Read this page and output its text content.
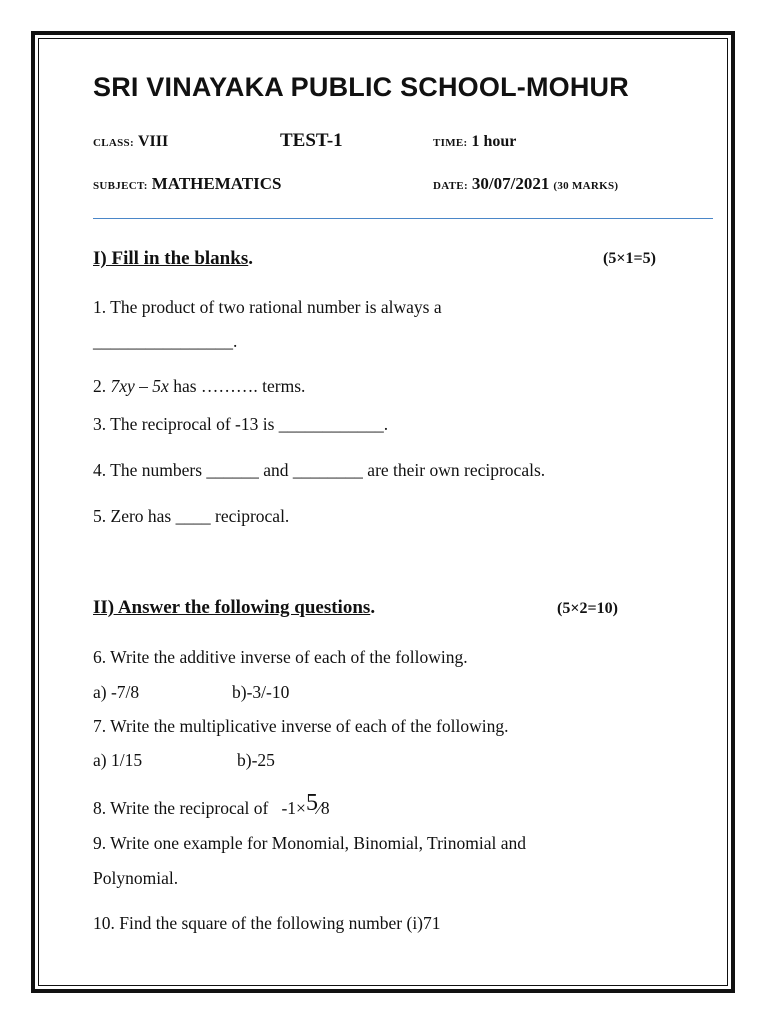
SRI VINAYAKA PUBLIC SCHOOL-MOHUR
CLASS: VIII	TEST-1	TIME: 1 hour
SUBJECT: MATHEMATICS	DATE: 30/07/2021 (30 MARKS)
I) Fill in the blanks.	(5×1=5)
1. The product of two rational number is always a
________________.
2. 7xy – 5x has ………. terms.
3. The reciprocal of -13 is ____________.
4. The numbers ______ and ________ are their own reciprocals.
5. Zero has ____ reciprocal.
II) Answer the following questions.	(5×2=10)
6. Write the additive inverse of each of the following.
a) -7/8	b)-3/-10
7. Write the multiplicative inverse of each of the following.
a) 1/15	b)-25
8. Write the reciprocal of -1×5⁄8
9. Write one example for Monomial, Binomial, Trinomial and
Polynomial.
10. Find the square of the following number (i)71
